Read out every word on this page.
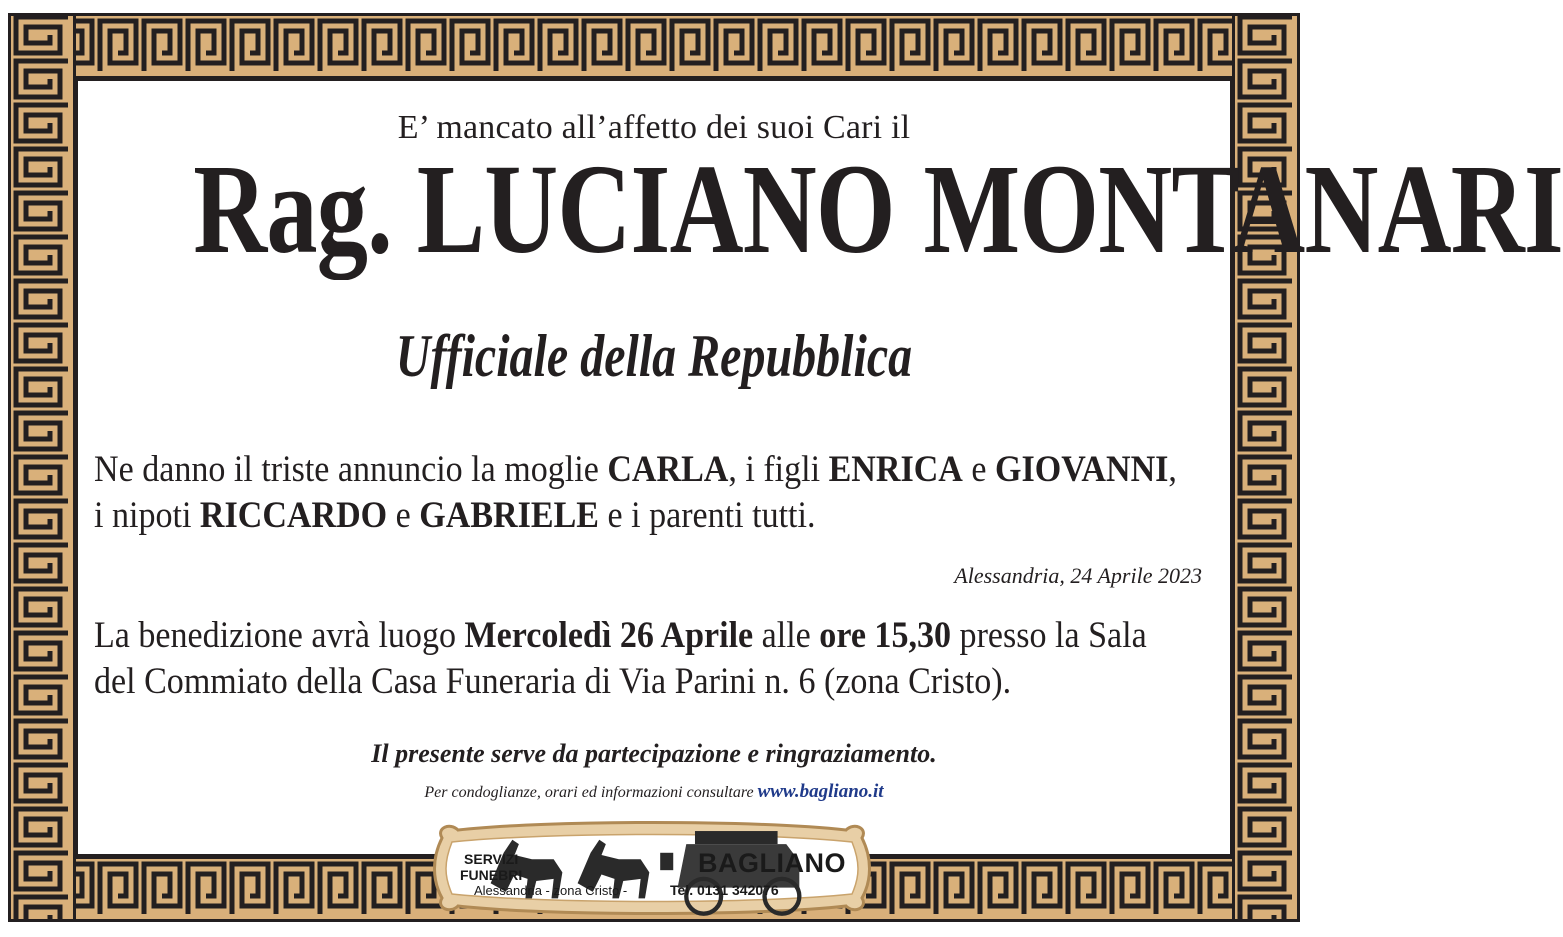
E’ mancato all’affetto dei suoi Cari il
Rag. LUCIANO MONTANARI
Ufficiale della Repubblica
Ne danno il triste annuncio la moglie CARLA, i figli ENRICA e GIOVANNI,
i nipoti RICCARDO e GABRIELE e i parenti tutti.
Alessandria, 24 Aprile 2023
La benedizione avrà luogo Mercoledì 26 Aprile alle ore 15,30 presso la Sala
del Commiato della Casa Funeraria di Via Parini n. 6 (zona Cristo).
Il presente serve da partecipazione e ringraziamento.
Per condoglianze, orari ed informazioni consultare www.bagliano.it
SERVIZI
FUNEBRI	BAGLIANO
Alessandria - zona Cristo -	Tel. 0131 342076
